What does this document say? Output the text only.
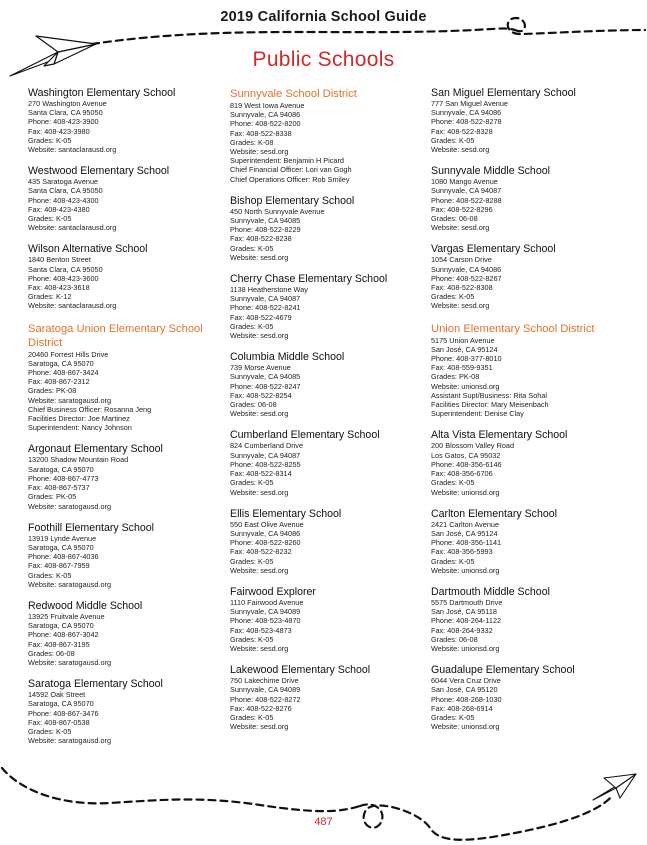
2019 California School Guide
Public Schools
Washington Elementary School
270 Washington Avenue
Santa Clara, CA 95050
Phone: 408-423-3900
Fax: 408-423-3980
Grades: K-05
Website: santaclarausd.org
Westwood Elementary School
435 Saratoga Avenue
Santa Clara, CA 95050
Phone: 408-423-4300
Fax: 408-423-4380
Grades: K-05
Website: santaclarausd.org
Wilson Alternative School
1840 Benton Street
Santa Clara, CA 95050
Phone: 408-423-3600
Fax: 408-423-3618
Grades: K-12
Website: santaclarausd.org
Saratoga Union Elementary School District
20460 Forrest Hills Drive
Saratoga, CA 95070
Phone: 408-867-3424
Fax: 408-867-2312
Grades: PK-08
Website: saratogausd.org
Chief Business Officer: Rosanna Jeng
Facilities Director: Joe Martinez
Superintendent: Nancy Johnson
Argonaut Elementary School
13200 Shadow Mountain Road
Saratoga, CA 95070
Phone: 408-867-4773
Fax: 408-867-5737
Grades: PK-05
Website: saratogausd.org
Foothill Elementary School
13919 Lynde Avenue
Saratoga, CA 95070
Phone: 408-867-4036
Fax: 408-867-7959
Grades: K-05
Website: saratogausd.org
Redwood Middle School
13925 Fruitvale Avenue
Saratoga, CA 95070
Phone: 408-867-3042
Fax: 408-867-3195
Grades: 06-08
Website: saratogausd.org
Saratoga Elementary School
14592 Oak Street
Saratoga, CA 95070
Phone: 408-867-3476
Fax: 408-867-0538
Grades: K-05
Website: saratogausd.org
Sunnyvale School District
819 West Iowa Avenue
Sunnyvale, CA 94086
Phone: 408-522-8200
Fax: 408-522-8338
Grades: K-08
Website: sesd.org
Superintendent: Benjamin H Picard
Chief Financial Officer: Lori van Gogh
Chief Operations Officer: Rob Smiley
Bishop Elementary School
450 North Sunnyvale Avenue
Sunnyvale, CA 94085
Phone: 408-522-8229
Fax: 408-522-8238
Grades: K-05
Website: sesd.org
Cherry Chase Elementary School
1138 Heatherstone Way
Sunnyvale, CA 94087
Phone: 408-522-8241
Fax: 408-522-4679
Grades: K-05
Website: sesd.org
Columbia Middle School
739 Morse Avenue
Sunnyvale, CA 94085
Phone: 408-522-8247
Fax: 408-522-8254
Grades: 06-08
Website: sesd.org
Cumberland Elementary School
824 Cumberland Drive
Sunnyvale, CA 94087
Phone: 408-522-8255
Fax: 408-522-8314
Grades: K-05
Website: sesd.org
Ellis Elementary School
550 East Olive Avenue
Sunnyvale, CA 94086
Phone: 408-522-8260
Fax: 408-522-8232
Grades: K-05
Website: sesd.org
Fairwood Explorer
1110 Fairwood Avenue
Sunnyvale, CA 94089
Phone: 408-523-4870
Fax: 408-523-4873
Grades: K-05
Website: sesd.org
Lakewood Elementary School
750 Lakechime Drive
Sunnyvale, CA 94089
Phone: 408-522-8272
Fax: 408-522-8276
Grades: K-05
Website: sesd.org
San Miguel Elementary School
777 San Miguel Avenue
Sunnyvale, CA 94086
Phone: 408-522-8278
Fax: 408-522-8328
Grades: K-05
Website: sesd.org
Sunnyvale Middle School
1080 Mango Avenue
Sunnyvale, CA 94087
Phone: 408-522-8288
Fax: 408-522-8296
Grades: 06-08
Website: sesd.org
Vargas Elementary School
1054 Carson Drive
Sunnyvale, CA 94086
Phone: 408-522-8267
Fax: 408-522-8308
Grades: K-05
Website: sesd.org
Union Elementary School District
5175 Union Avenue
San José, CA 95124
Phone: 408-377-8010
Fax: 408-559-9351
Grades: PK-08
Website: unionsd.org
Assistant Supt/Business: Rita Sohal
Facilities Director: Mary Meisenbach
Superintendent: Denise Clay
Alta Vista Elementary School
200 Blossom Valley Road
Los Gatos, CA 95032
Phone: 408-356-6146
Fax: 408-356-6706
Grades: K-05
Website: unionsd.org
Carlton Elementary School
2421 Carlton Avenue
San José, CA 95124
Phone: 408-356-1141
Fax: 408-356-5993
Grades: K-05
Website: unionsd.org
Dartmouth Middle School
5575 Dartmouth Drive
San José, CA 95118
Phone: 408-264-1122
Fax: 408-264-9332
Grades: 06-08
Website: unionsd.org
Guadalupe Elementary School
6044 Vera Cruz Drive
San José, CA 95120
Phone: 408-268-1030
Fax: 408-268-6914
Grades: K-05
Website: unionsd.org
487
